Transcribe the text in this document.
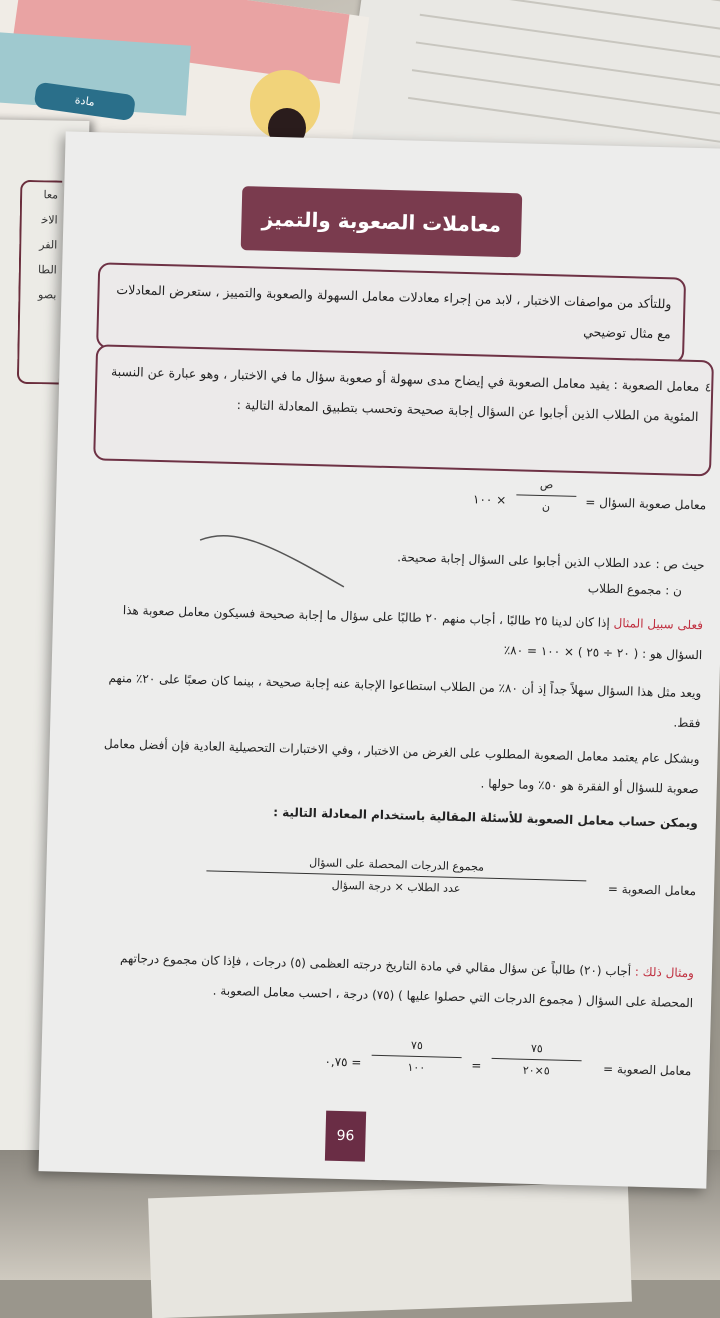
ﻣﺎﺩﺓ
ﻣﻌﺎ
ﺍﻻﺧ
ﺍﻟﻔﺮ
ﺍﻟﻄﺎ
ﺑﺼﻮ
معاملات الصعوبة والتميز
وللتأكد من مواصفات الاختبار ، لابد من إجراء معادلات معامل السهولة والصعوبة والتمييز ، ستعرض المعادلات مع مثال توضيحي
معامل الصعوبة : يفيد معامل الصعوبة في إيضاح مدى سهولة أو صعوبة سؤال ما في الاختبار ، وهو عبارة عن النسبة المئوية من الطلاب الذين أجابوا عن السؤال إجابة صحيحة وتحسب بتطبيق المعادلة التالية :
٤
معامل صعوبة السؤال =
ص
ن
× ١٠٠
حيث ص : عدد الطلاب الذين أجابوا على السؤال إجابة صحيحة.
ن : مجموع الطلاب
فعلى سبيل المثال إذا كان لدينا ٢٥ طالبًا ، أجاب منهم ٢٠ طالبًا على سؤال ما إجابة صحيحة فسيكون معامل صعوبة هذا السؤال هو : ( ٢٠ ÷ ٢٥ ) × ١٠٠ = ٨٠٪
ويعد مثل هذا السؤال سهلاً جداً إذ أن ٨٠٪ من الطلاب استطاعوا الإجابة عنه إجابة صحيحة ، بينما كان صعبًا على ٢٠٪ منهم فقط.
وبشكل عام يعتمد معامل الصعوبة المطلوب على الغرض من الاختبار ، وفي الاختبارات التحصيلية العادية فإن أفضل معامل صعوبة للسؤال أو الفقرة هو ٥٠٪ وما حولها .
ويمكن حساب معامل الصعوبة للأسئلة المقالية باستخدام المعادلة التالية :
معامل الصعوبة =
مجموع الدرجات المحصلة على السؤال
عدد الطلاب × درجة السؤال
ومثال ذلك : أجاب (٢٠) طالباً عن سؤال مقالي في مادة التاريخ درجته العظمى (٥) درجات ، فإذا كان مجموع درجاتهم المحصلة على السؤال ( مجموع الدرجات التي حصلوا عليها ) (٧٥) درجة ، احسب معامل الصعوبة .
معامل الصعوبة =
٧٥
٥×٢٠
=
٧٥
١٠٠
= ٠,٧٥
96
